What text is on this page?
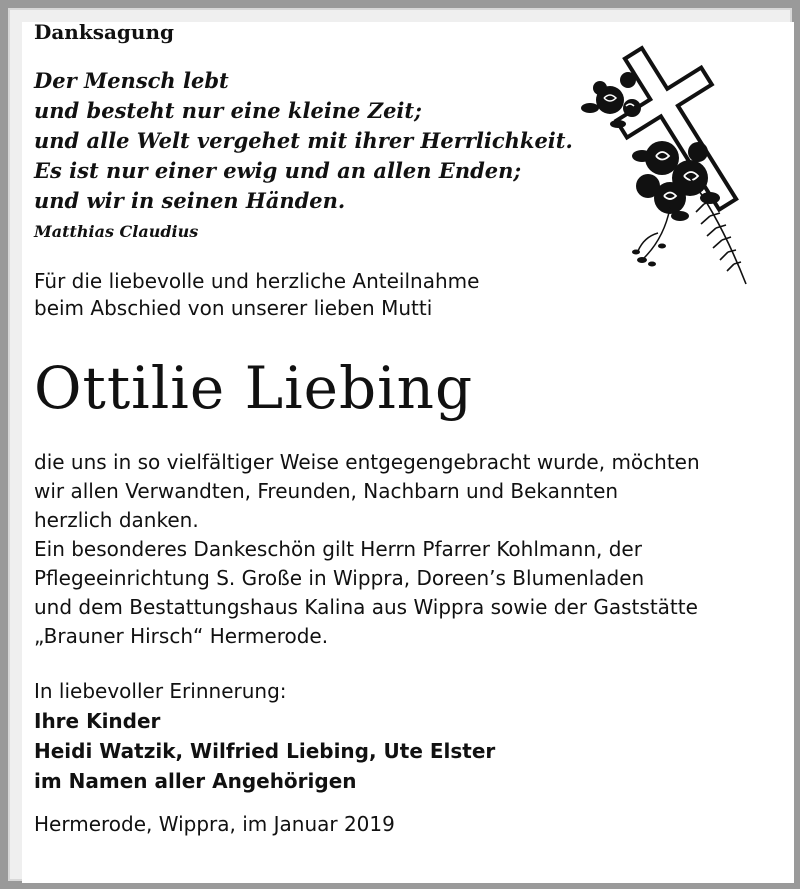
Danksagung
Der Mensch lebt
und besteht nur eine kleine Zeit;
und alle Welt vergehet mit ihrer Herrlichkeit.
Es ist nur einer ewig und an allen Enden;
und wir in seinen Händen.
Matthias Claudius
Für die liebevolle und herzliche Anteilnahme
beim Abschied von unserer lieben Mutti
Ottilie Liebing
die uns in so vielfältiger Weise entgegengebracht wurde, möchten
wir allen Verwandten, Freunden, Nachbarn und Bekannten
herzlich danken.
Ein besonderes Dankeschön gilt Herrn Pfarrer Kohlmann, der
Pflegeeinrichtung S. Große in Wippra, Doreen’s Blumenladen
und dem Bestattungshaus Kalina aus Wippra sowie der Gaststätte
„Brauner Hirsch“ Hermerode.
In liebevoller Erinnerung:
Ihre Kinder
Heidi Watzik, Wilfried Liebing, Ute Elster
im Namen aller Angehörigen
Hermerode, Wippra, im Januar 2019
